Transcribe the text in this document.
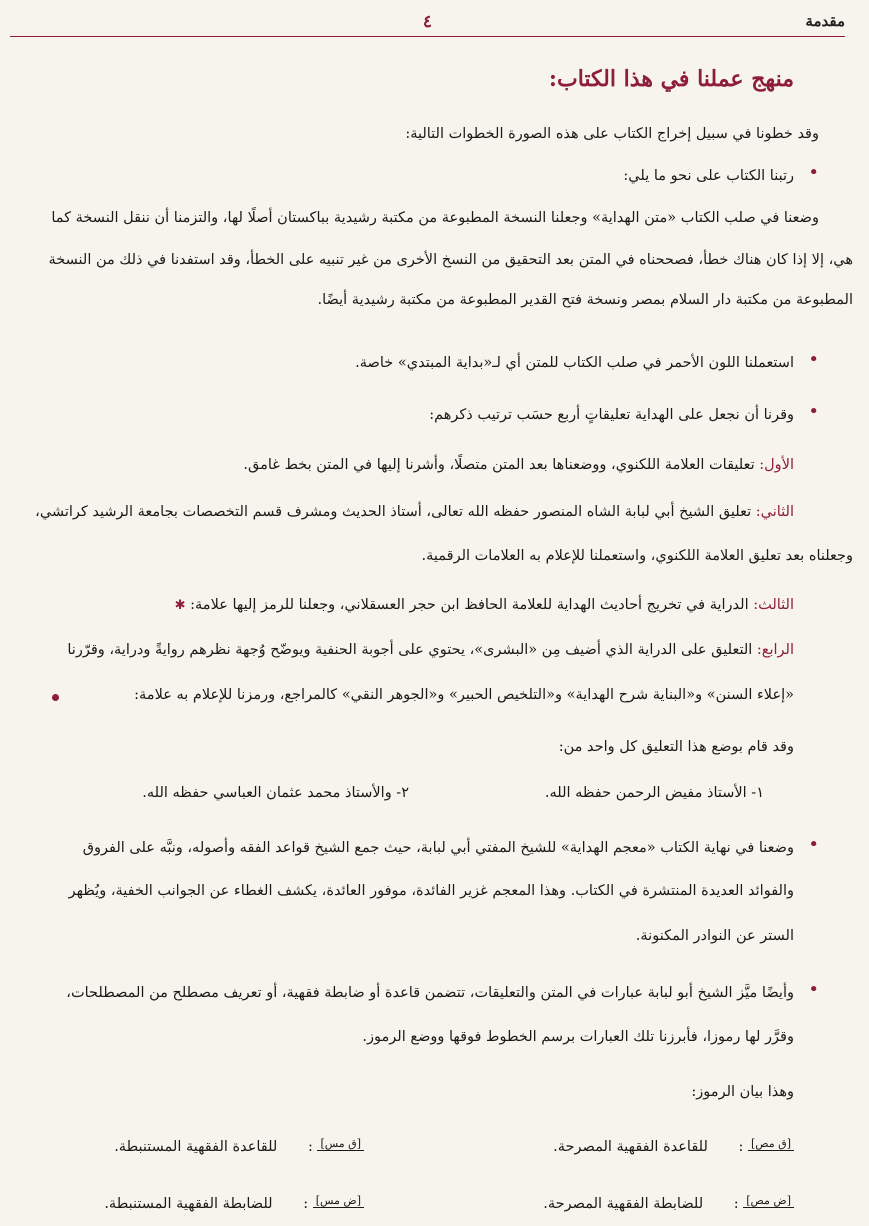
مقدمة
٤
منهج عملنا في هذا الكتاب:
وقد خطونا في سبيل إخراج الكتاب على هذه الصورة الخطوات التالية:
•
رتبنا الكتاب على نحو ما يلي:
وضعنا في صلب الكتاب «متن الهداية» وجعلنا النسخة المطبوعة من مكتبة رشيدية بباكستان أصلًا لها، والتزمنا أن ننقل النسخة كما
هي، إلا إذا كان هناك خطأ، فصححناه في المتن بعد التحقيق من النسخ الأخرى من غير تنبيه على الخطأ، وقد استفدنا في ذلك من النسخة
المطبوعة من مكتبة دار السلام بمصر ونسخة فتح القدير المطبوعة من مكتبة رشيدية أيضًا.
•
استعملنا اللون الأحمر في صلب الكتاب للمتن أي لـ«بداية المبتدي» خاصة.
•
وقرنا أن نجعل على الهداية تعليقاتٍ أربع حسَب ترتيب ذكرهم:
الأول: تعليقات العلامة اللكنوي، ووضعناها بعد المتن متصلًا، وأشرنا إليها في المتن بخط غامق.
الثاني: تعليق الشيخ أبي لبابة الشاه المنصور حفظه الله تعالى، أستاذ الحديث ومشرف قسم التخصصات بجامعة الرشيد كراتشي،
وجعلناه بعد تعليق العلامة اللكنوي، واستعملنا للإعلام به العلامات الرقمية.
الثالث: الدراية في تخريج أحاديث الهداية للعلامة الحافظ ابن حجر العسقلاني، وجعلنا للرمز إليها علامة: ✱
الرابع: التعليق على الدراية الذي أضيف مِن «البشرى»، يحتوي على أجوبة الحنفية ويوضّح وُجهة نظرهم روايةً ودراية، وقرّرنا
«إعلاء السنن» و«البناية شرح الهداية» و«التلخيص الحبير» و«الجوهر النقي» كالمراجع، ورمزنا للإعلام به علامة:
وقد قام بوضع هذا التعليق كل واحد من:
١- الأستاذ مفيض الرحمن حفظه الله.
٢- والأستاذ محمد عثمان العباسي حفظه الله.
•
وضعنا في نهاية الكتاب «معجم الهداية» للشيخ المفتي أبي لبابة، حيث جمع الشيخ قواعد الفقه وأصوله، ونبَّه على الفروق
والفوائد العديدة المنتشرة في الكتاب. وهذا المعجم غزير الفائدة، موفور العائدة، يكشف الغطاء عن الجوانب الخفية، ويُظهر
الستر عن النوادر المكنونة.
•
وأيضًا ميَّز الشيخ أبو لبابة عبارات في المتن والتعليقات، تتضمن قاعدة أو ضابطة فقهية، أو تعريف مصطلح من المصطلحات،
وقرَّر لها رموزا، فأبرزنا تلك العبارات برسم الخطوط فوقها ووضع الرموز.
وهذا بيان الرموز:
[ق مص] : للقاعدة الفقهية المصرحة.
[ق مس] : للقاعدة الفقهية المستنبطة.
[ض مص] : للضابطة الفقهية المصرحة.
[ض مس] : للضابطة الفقهية المستنبطة.
